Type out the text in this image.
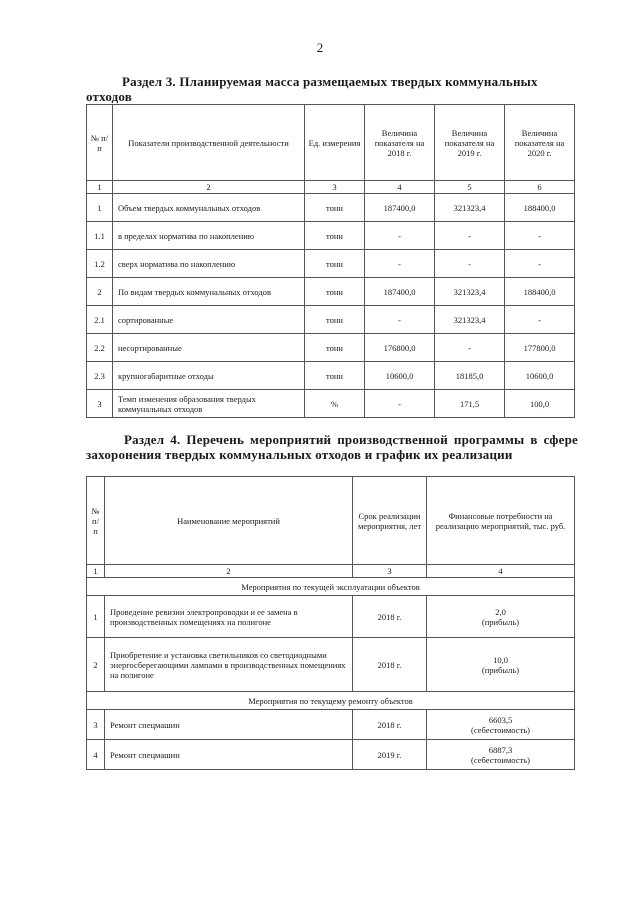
2
Раздел 3. Планируемая масса размещаемых твердых коммунальных отходов
№ п/п	Показатели производственной деятельности	Ед. измерения	Величина показателя на 2018 г.	Величина показателя на 2019 г.	Величина показателя на 2020 г.
1	2	3	4	5	6
1	Объем твердых коммунальных отходов	тонн	187400,0	321323,4	188400,0
1.1	в пределах норматива по накоплению	тонн	-	-	-
1.2	сверх норматива по накоплению	тонн	-	-	-
2	По видам твердых коммунальных отходов	тонн	187400,0	321323,4	188400,0
2.1	сортированные	тонн	-	321323,4	-
2.2	несортированные	тонн	176800,0	-	177800,0
2.3	крупногабаритные отходы	тонн	10600,0	18185,0	10600,0
3	Темп изменения образования твердых коммунальных отходов	%	-	171,5	100,0
Раздел 4. Перечень мероприятий производственной программы в сфере захоронения твердых коммунальных отходов и график их реализации
№ п/п	Наименование мероприятий	Срок реализации мероприятия, лет	Финансовые потребности на реализацию мероприятий, тыс. руб.
1	2	3	4
Мероприятия по текущей эксплуатации объектов			
1	Проведение ревизии электропроводки и ее замена в производственных помещениях на полигоне	2018 г.	2,0
(прибыль)

2	Приобретение и установка светильников со светодиодными энергосберегающими лампами в производственных помещениях на полигоне	2018 г.	10,0
(прибыль)

Мероприятия по текущему ремонту объектов			
3	Ремонт спецмашин	2018 г.	6603,5
(себестоимость)

4	Ремонт спецмашин	2019 г.	6887,3
(себестоимость)
